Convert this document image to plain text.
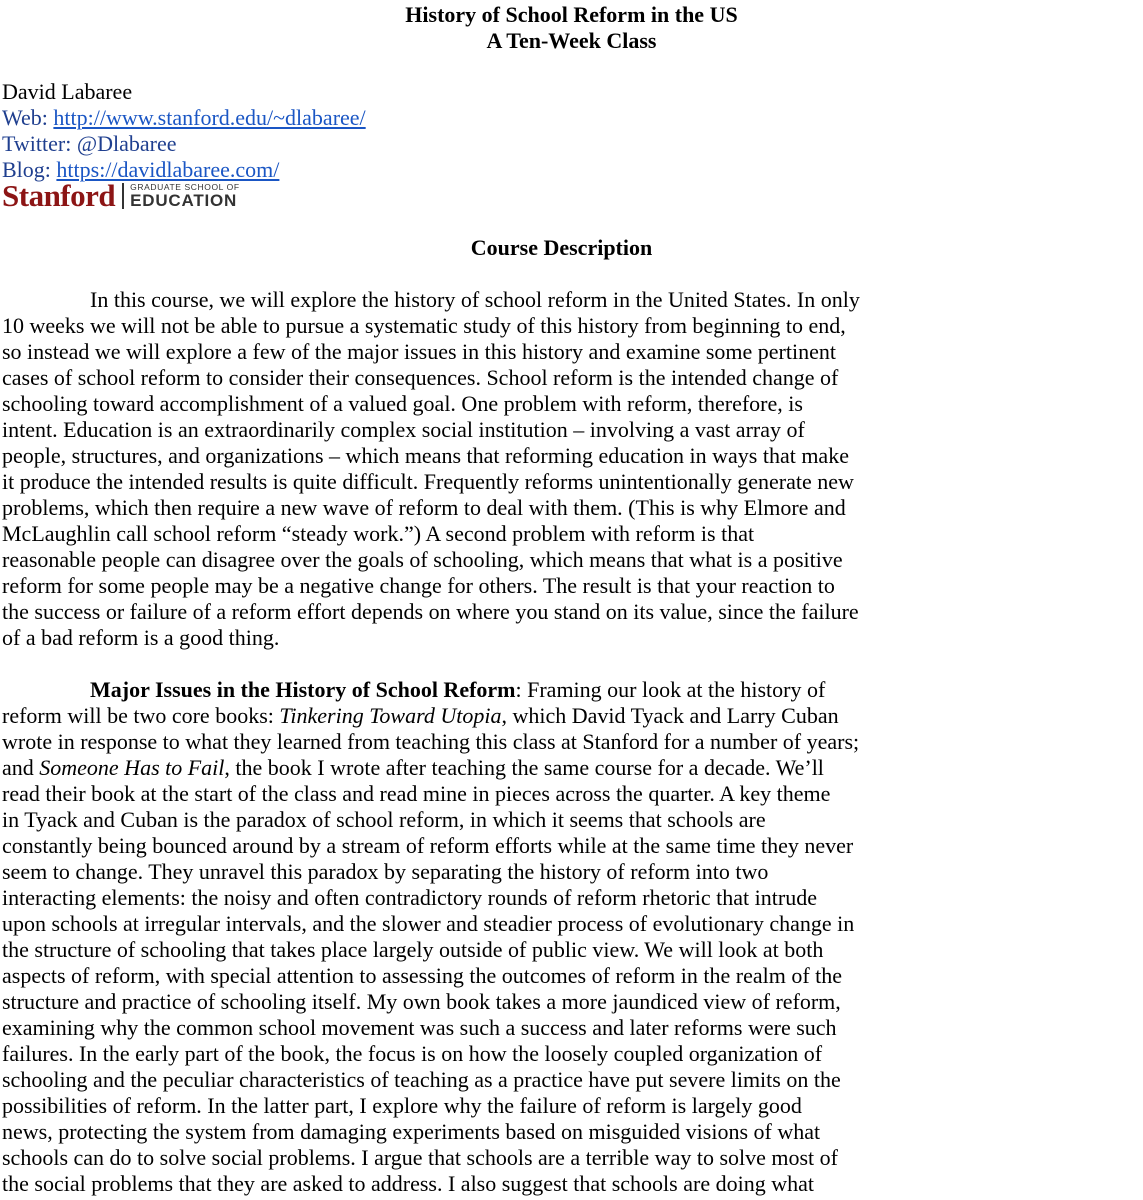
History of School Reform in the US
A Ten-Week Class
David Labaree
Web: http://www.stanford.edu/~dlabaree/
Twitter: @Dlabaree
Blog: https://davidlabaree.com/
Stanford GRADUATE SCHOOL OF
EDUCATION
Course Description
In this course, we will explore the history of school reform in the United States. In only
10 weeks we will not be able to pursue a systematic study of this history from beginning to end,
so instead we will explore a few of the major issues in this history and examine some pertinent
cases of school reform to consider their consequences. School reform is the intended change of
schooling toward accomplishment of a valued goal. One problem with reform, therefore, is
intent. Education is an extraordinarily complex social institution – involving a vast array of
people, structures, and organizations – which means that reforming education in ways that make
it produce the intended results is quite difficult. Frequently reforms unintentionally generate new
problems, which then require a new wave of reform to deal with them. (This is why Elmore and
McLaughlin call school reform “steady work.”) A second problem with reform is that
reasonable people can disagree over the goals of schooling, which means that what is a positive
reform for some people may be a negative change for others. The result is that your reaction to
the success or failure of a reform effort depends on where you stand on its value, since the failure
of a bad reform is a good thing.
Major Issues in the History of School Reform: Framing our look at the history of
reform will be two core books: Tinkering Toward Utopia, which David Tyack and Larry Cuban
wrote in response to what they learned from teaching this class at Stanford for a number of years;
and Someone Has to Fail, the book I wrote after teaching the same course for a decade. We’ll
read their book at the start of the class and read mine in pieces across the quarter. A key theme
in Tyack and Cuban is the paradox of school reform, in which it seems that schools are
constantly being bounced around by a stream of reform efforts while at the same time they never
seem to change. They unravel this paradox by separating the history of reform into two
interacting elements: the noisy and often contradictory rounds of reform rhetoric that intrude
upon schools at irregular intervals, and the slower and steadier process of evolutionary change in
the structure of schooling that takes place largely outside of public view. We will look at both
aspects of reform, with special attention to assessing the outcomes of reform in the realm of the
structure and practice of schooling itself. My own book takes a more jaundiced view of reform,
examining why the common school movement was such a success and later reforms were such
failures. In the early part of the book, the focus is on how the loosely coupled organization of
schooling and the peculiar characteristics of teaching as a practice have put severe limits on the
possibilities of reform. In the latter part, I explore why the failure of reform is largely good
news, protecting the system from damaging experiments based on misguided visions of what
schools can do to solve social problems. I argue that schools are a terrible way to solve most of
the social problems that they are asked to address. I also suggest that schools are doing what
